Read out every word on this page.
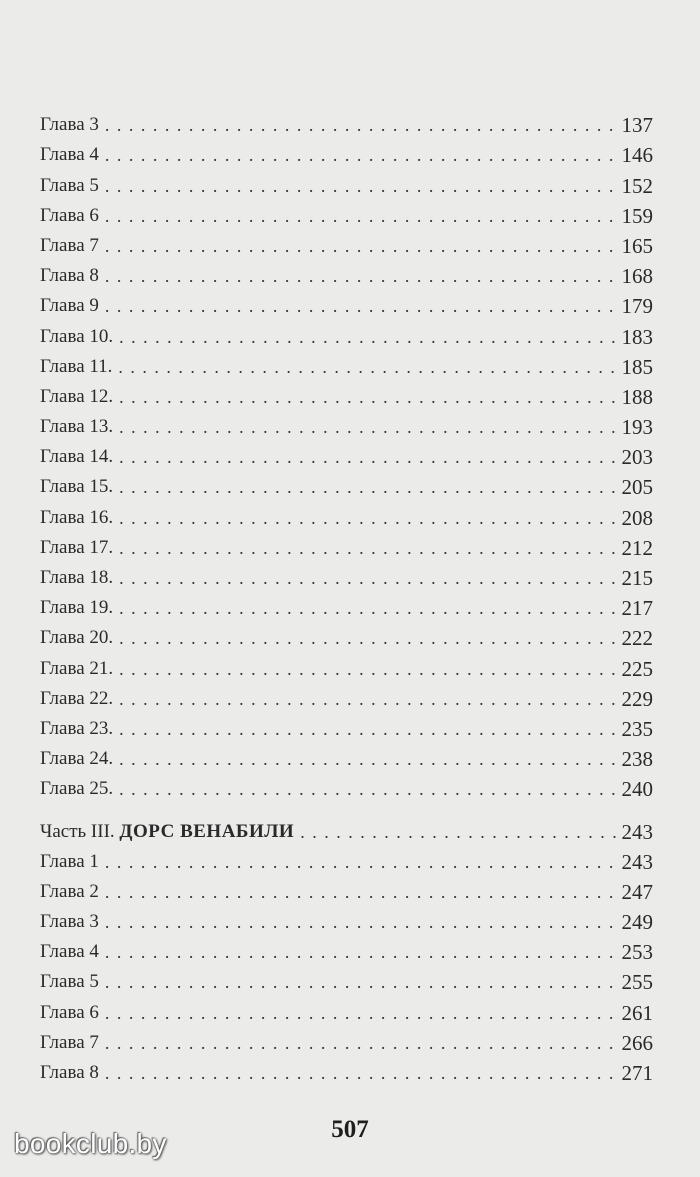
Глава 3 . . .	137
Глава 4 . . .	146
Глава 5 . . .	152
Глава 6 . . .	159
Глава 7 . . .	165
Глава 8 . . .	168
Глава 9 . . .	179
Глава 10. . . .	183
Глава 11. . . .	185
Глава 12. . . .	188
Глава 13. . . .	193
Глава 14. . . .	203
Глава 15. . . .	205
Глава 16. . . .	208
Глава 17. . . .	212
Глава 18. . . .	215
Глава 19. . . .	217
Глава 20. . . .	222
Глава 21. . . .	225
Глава 22. . . .	229
Глава 23. . . .	235
Глава 24. . . .	238
Глава 25. . . .	240
Часть III. ДОРС ВЕНАБИЛИ . . .	243
Глава 1 . . .	243
Глава 2 . . .	247
Глава 3 . . .	249
Глава 4 . . .	253
Глава 5 . . .	255
Глава 6 . . .	261
Глава 7 . . .	266
Глава 8 . . .	271
507
bookclub.by
